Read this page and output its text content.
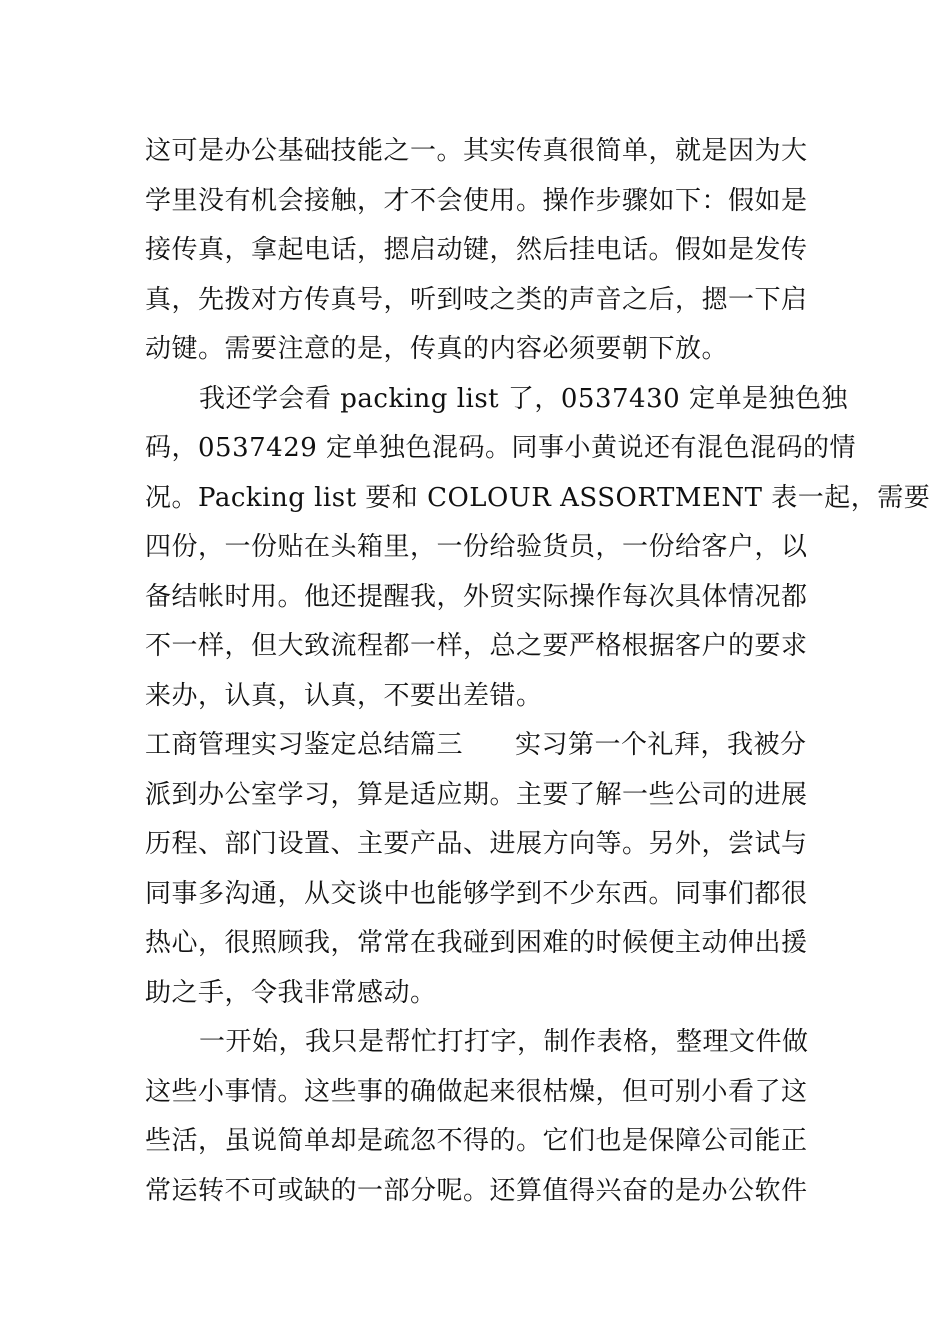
这可是办公基础技能之一。其实传真很简单，就是因为大
学里没有机会接触，才不会使用。操作步骤如下：假如是
接传真，拿起电话，摁启动键，然后挂电话。假如是发传
真，先拨对方传真号，听到吱之类的声音之后，摁一下启
动键。需要注意的是，传真的内容必须要朝下放。
我还学会看 packing list 了，0537430 定单是独色独
码，0537429 定单独色混码。同事小黄说还有混色混码的情
况。Packing list 要和 COLOUR ASSORTMENT 表一起，需要
四份，一份贴在头箱里，一份给验货员，一份给客户，以
备结帐时用。他还提醒我，外贸实际操作每次具体情况都
不一样，但大致流程都一样，总之要严格根据客户的要求
来办，认真，认真，不要出差错。
工商管理实习鉴定总结篇三 实习第一个礼拜，我被分
派到办公室学习，算是适应期。主要了解一些公司的进展
历程、部门设置、主要产品、进展方向等。另外，尝试与
同事多沟通，从交谈中也能够学到不少东西。同事们都很
热心，很照顾我，常常在我碰到困难的时候便主动伸出援
助之手，令我非常感动。
一开始，我只是帮忙打打字，制作表格，整理文件做
这些小事情。这些事的确做起来很枯燥，但可别小看了这
些活，虽说简单却是疏忽不得的。它们也是保障公司能正
常运转不可或缺的一部分呢。还算值得兴奋的是办公软件
